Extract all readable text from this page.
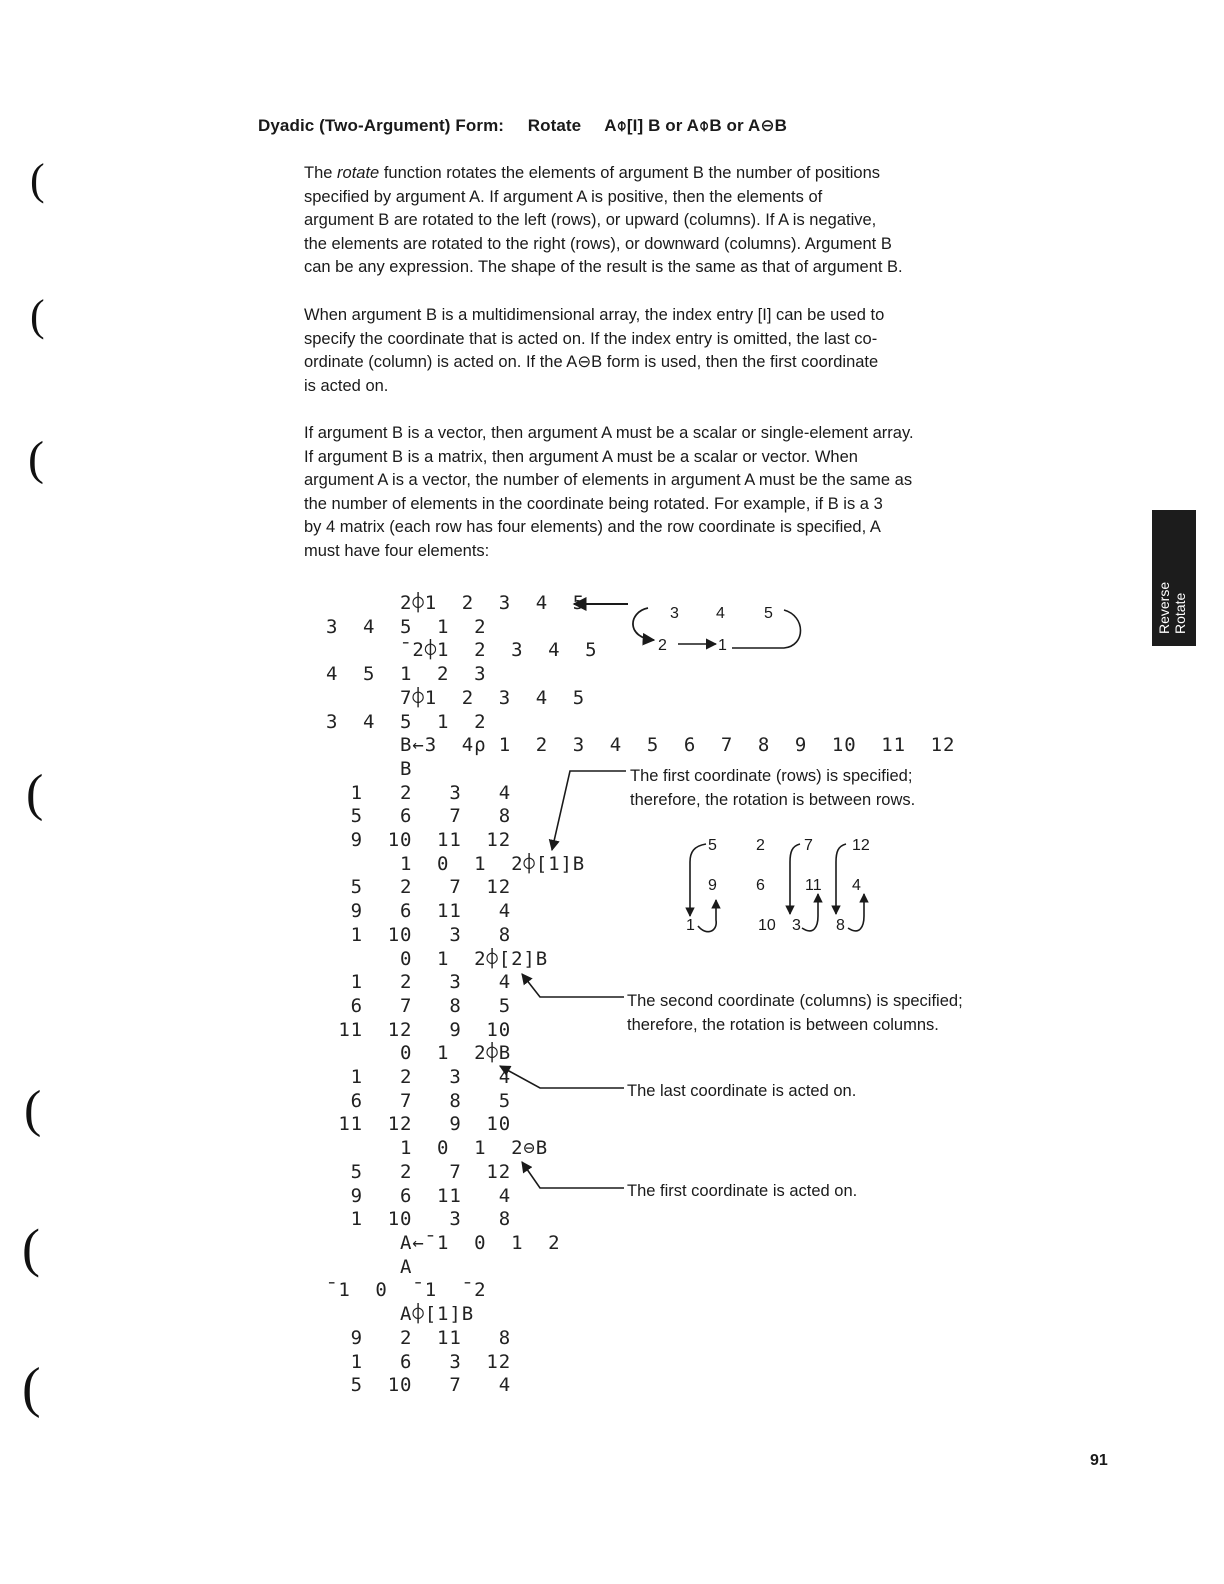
Dyadic (Two-Argument) Form: Rotate A⌽[I] B or A⌽B or A⊖B

The rotate function rotates the elements of argument B the number of positions

specified by argument A. If argument A is positive, then the elements of

argument B are rotated to the left (rows), or upward (columns). If A is negative,

the elements are rotated to the right (rows), or downward (columns). Argument B

can be any expression. The shape of the result is the same as that of argument B.

When argument B is a multidimensional array, the index entry [I] can be used to

specify the coordinate that is acted on. If the index entry is omitted, the last co-

ordinate (column) is acted on. If the A⊖B form is used, then the first coordinate

is acted on.

If argument B is a vector, then argument A must be a scalar or single-element array.

If argument B is a matrix, then argument A must be a scalar or vector. When

argument A is a vector, the number of elements in argument A must be the same as

the number of elements in the coordinate being rotated. For example, if B is a 3

by 4 matrix (each row has four elements) and the row coordinate is specified, A

must have four elements:

2⌽1  2  3  4  5
3  4  5  1  2
¯2⌽1  2  3  4  5
4  5  1  2  3
7⌽1  2  3  4  5
3  4  5  1  2
B←3  4⍴ 1  2  3  4  5  6  7  8  9  10  11  12
B
1   2   3   4
5   6   7   8
9  10  11  12
1  0  1  2⌽[1]B
5   2   7  12
9   6  11   4
1  10   3   8
0  1  2⌽[2]B
1   2   3   4
6   7   8   5
11  12   9  10
0  1  2⌽B
1   2   3   4
6   7   8   5
11  12   9  10
1  0  1  2⊖B
5   2   7  12
9   6  11   4
1  10   3   8
A←¯1  0  1  2
A
¯1  0  ¯1  ¯2
A⌽[1]B
9   2  11   8
1   6   3  12
5  10   7   4

3 4 5
2	1
5 2 7 12
9 6	11 4
1	10 3 8
(
(
(
(
(
(
(

The first coordinate (rows) is specified;

therefore, the rotation is between rows.

The second coordinate (columns) is specified;

therefore, the rotation is between columns.

The last coordinate is acted on.
The first coordinate is acted on.
Reverse Rotate
91
